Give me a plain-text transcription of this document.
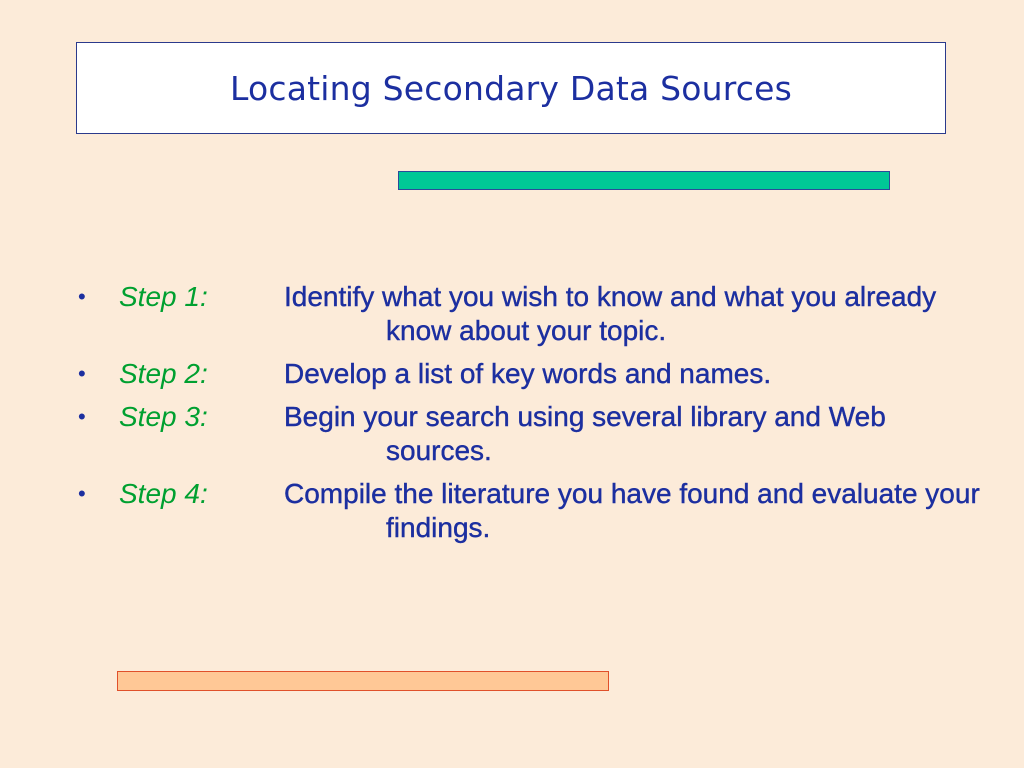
Locating Secondary Data Sources
•	Step 1:	Identify what you wish to know and what you already know about your topic.
•	Step 2:	Develop a list of key words and names.
•	Step 3:	Begin your search using several library and Web sources.
•	Step 4:	Compile the literature you have found and evaluate your findings.
